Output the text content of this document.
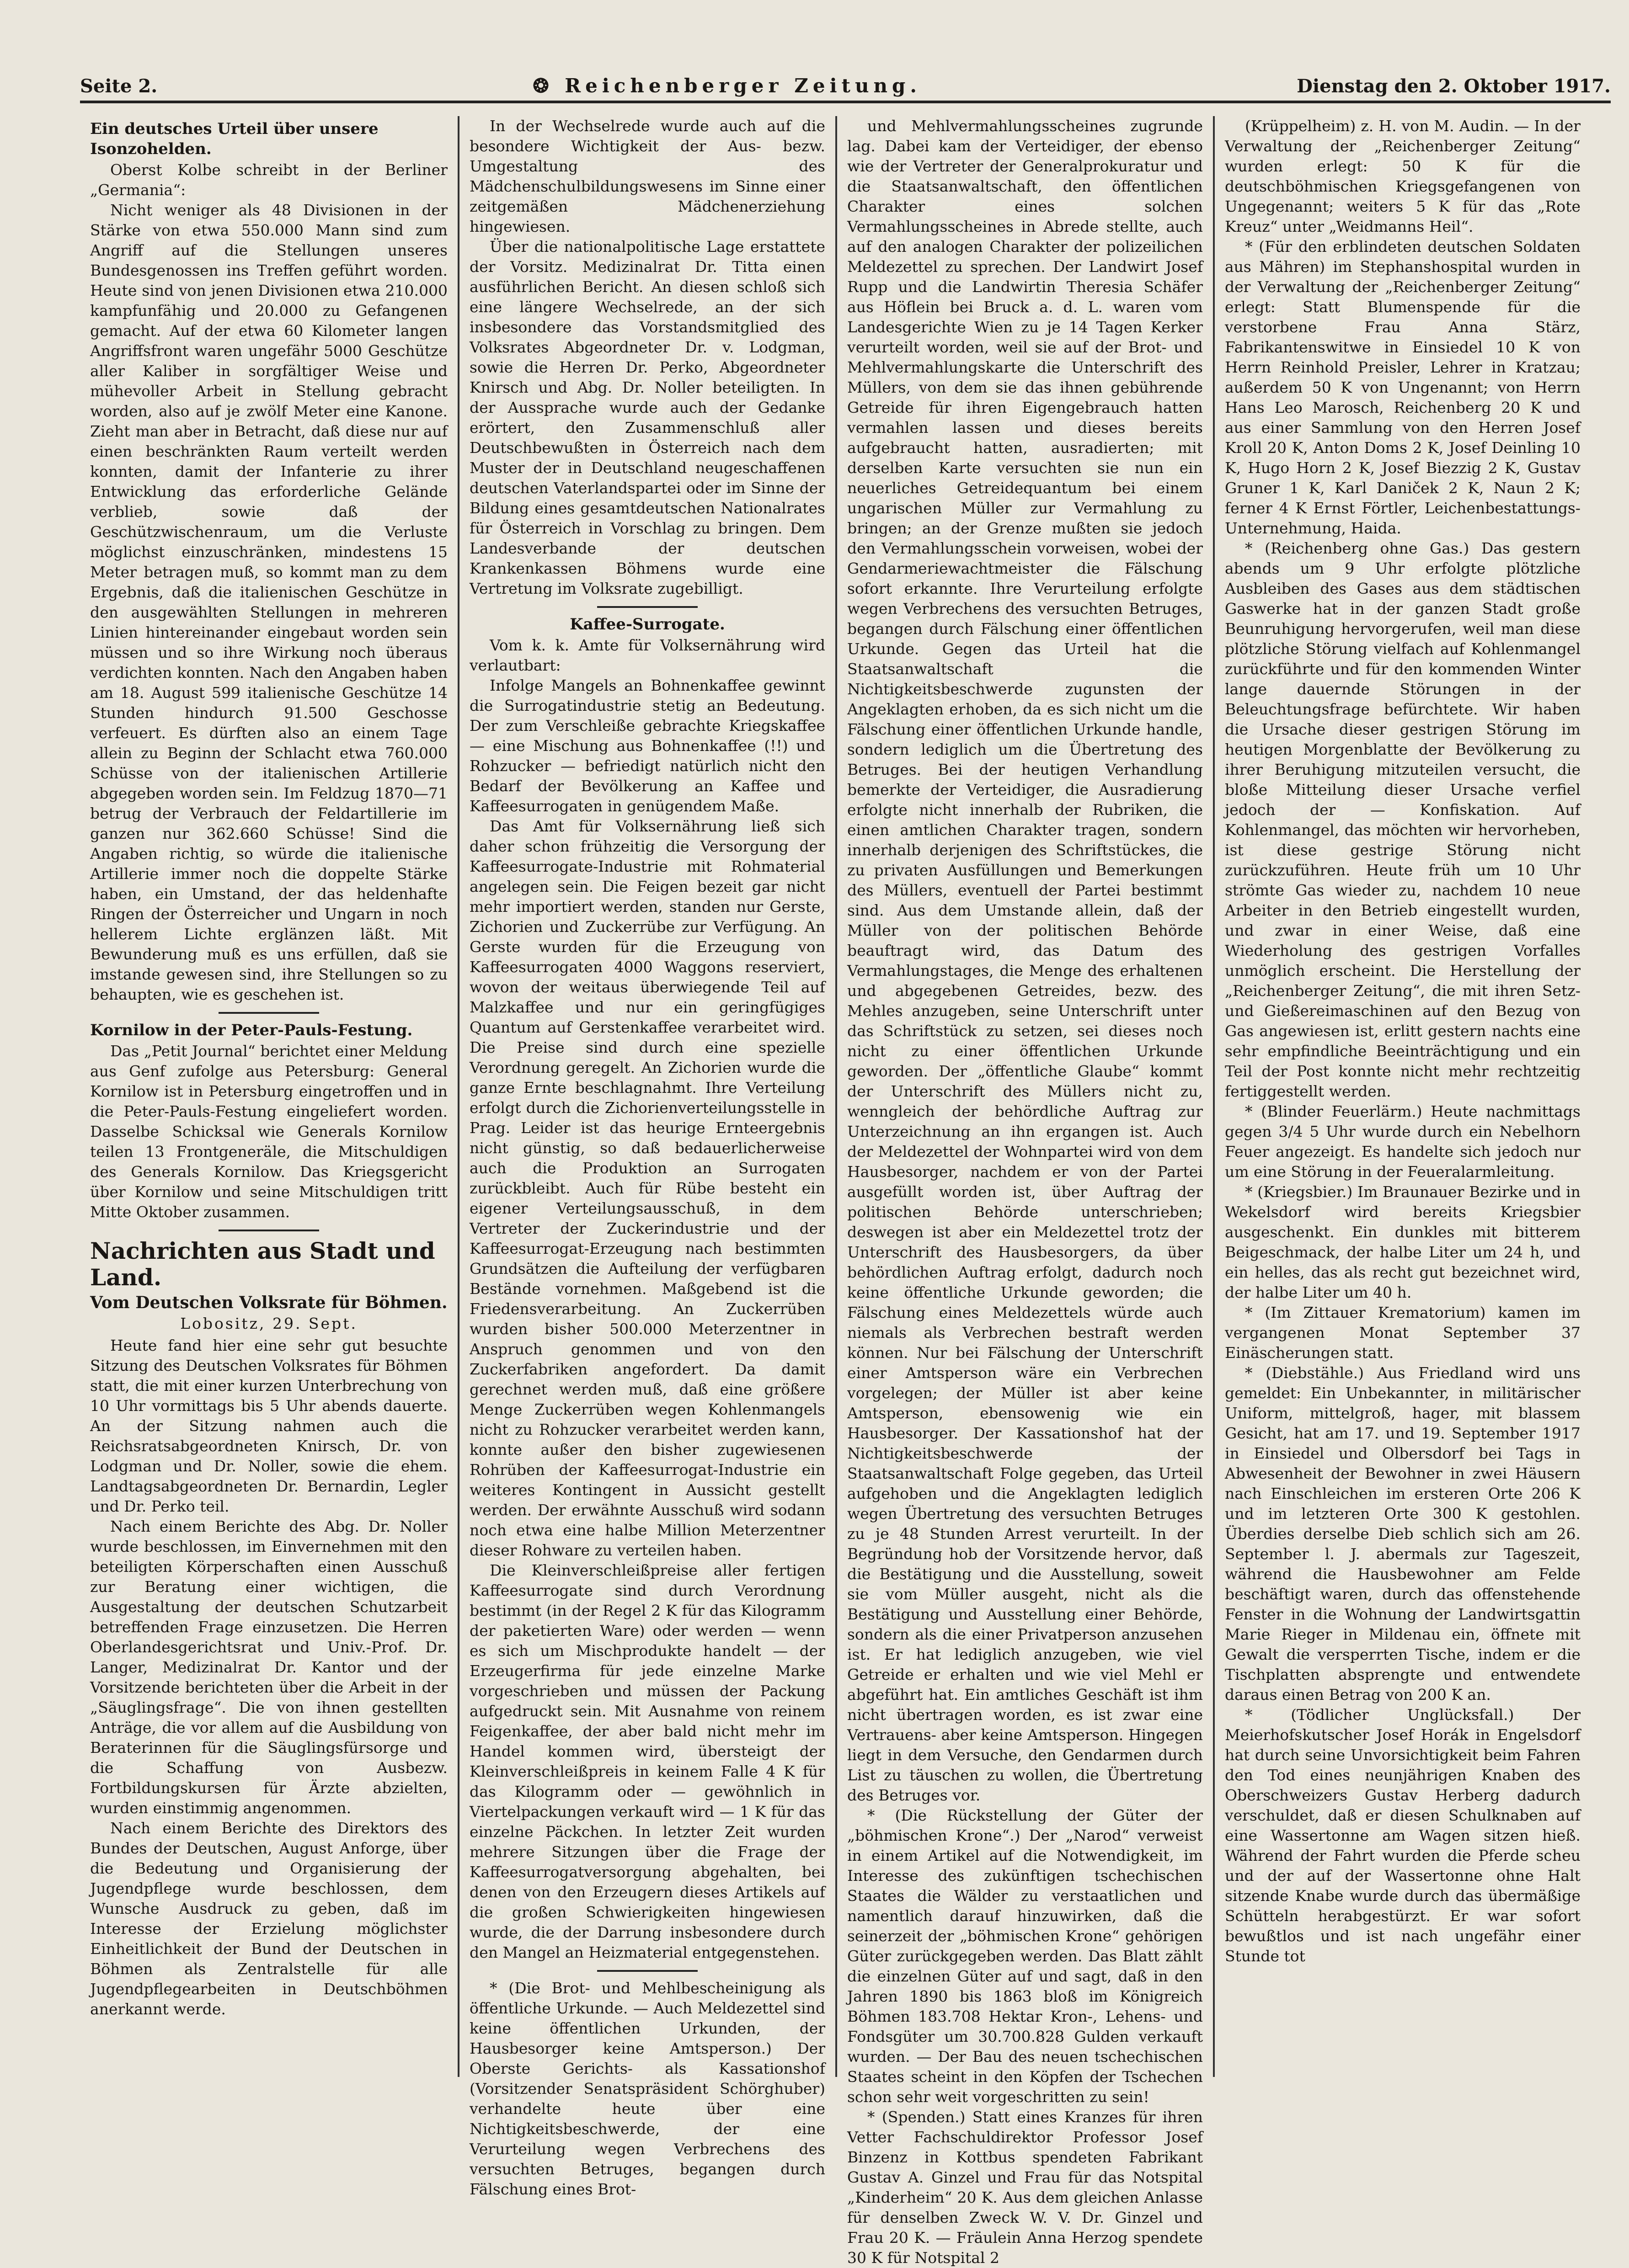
Seite 2.	❂ Reichenberger Zeitung.	Dienstag den 2. Oktober 1917.
Ein deutsches Urteil über unsere Isonzohelden.

Oberst Kolbe schreibt in der Berliner „Germania“:

Nicht weniger als 48 Divisionen in der Stärke von etwa 550.000 Mann sind zum Angriff auf die Stellungen unseres Bundesgenossen ins Treffen geführt worden. Heute sind von jenen Divisionen etwa 210.000 kampfunfähig und 20.000 zu Gefangenen gemacht. Auf der etwa 60 Kilometer langen Angriffsfront waren ungefähr 5000 Geschütze aller Kaliber in sorgfältiger Weise und mühevoller Arbeit in Stellung gebracht worden, also auf je zwölf Meter eine Kanone. Zieht man aber in Betracht, daß diese nur auf einen beschränkten Raum verteilt werden konnten, damit der Infanterie zu ihrer Entwicklung das erforderliche Gelände verblieb, sowie daß der Geschützwischenraum, um die Verluste möglichst einzuschränken, mindestens 15 Meter betragen muß, so kommt man zu dem Ergebnis, daß die italienischen Geschütze in den ausgewählten Stellungen in mehreren Linien hintereinander eingebaut worden sein müssen und so ihre Wirkung noch überaus verdichten konnten. Nach den Angaben haben am 18. August 599 italienische Geschütze 14 Stunden hindurch 91.500 Geschosse verfeuert. Es dürften also an einem Tage allein zu Beginn der Schlacht etwa 760.000 Schüsse von der italienischen Artillerie abgegeben worden sein. Im Feldzug 1870—71 betrug der Verbrauch der Feldartillerie im ganzen nur 362.660 Schüsse! Sind die Angaben richtig, so würde die italienische Artillerie immer noch die doppelte Stärke haben, ein Umstand, der das heldenhafte Ringen der Österreicher und Ungarn in noch hellerem Lichte erglänzen läßt. Mit Bewunderung muß es uns erfüllen, daß sie imstande gewesen sind, ihre Stellungen so zu behaupten, wie es geschehen ist.

Kornilow in der Peter-Pauls-Festung.

Das „Petit Journal“ berichtet einer Meldung aus Genf zufolge aus Petersburg: General Kornilow ist in Petersburg eingetroffen und in die Peter-Pauls-Festung eingeliefert worden. Dasselbe Schicksal wie Generals Kornilow teilen 13 Frontgeneräle, die Mitschuldigen des Generals Kornilow. Das Kriegsgericht über Kornilow und seine Mitschuldigen tritt Mitte Oktober zusammen.

Nachrichten aus Stadt und Land.
Vom Deutschen Volksrate für Böhmen.
Lobositz, 29. Sept.

Heute fand hier eine sehr gut besuchte Sitzung des Deutschen Volksrates für Böhmen statt, die mit einer kurzen Unterbrechung von 10 Uhr vormittags bis 5 Uhr abends dauerte. An der Sitzung nahmen auch die Reichsratsabgeordneten Knirsch, Dr. von Lodgman und Dr. Noller, sowie die ehem. Landtagsabgeordneten Dr. Bernardin, Legler und Dr. Perko teil.

Nach einem Berichte des Abg. Dr. Noller wurde beschlossen, im Einvernehmen mit den beteiligten Körperschaften einen Ausschuß zur Beratung einer wichtigen, die Ausgestaltung der deutschen Schutzarbeit betreffenden Frage einzusetzen. Die Herren Oberlandesgerichtsrat und Univ.-Prof. Dr. Langer, Medizinalrat Dr. Kantor und der Vorsitzende berichteten über die Arbeit in der „Säuglingsfrage“. Die von ihnen gestellten Anträge, die vor allem auf die Ausbildung von Beraterinnen für die Säuglingsfürsorge und die Schaffung von Ausbezw. Fortbildungskursen für Ärzte abzielten, wurden einstimmig angenommen.

Nach einem Berichte des Direktors des Bundes der Deutschen, August Anforge, über die Bedeutung und Organisierung der Jugendpflege wurde beschlossen, dem Wunsche Ausdruck zu geben, daß im Interesse der Erzielung möglichster Einheitlichkeit der Bund der Deutschen in Böhmen als Zentralstelle für alle Jugendpflegearbeiten in Deutschböhmen anerkannt werde.

In der Wechselrede wurde auch auf die besondere Wichtigkeit der Aus- bezw. Umgestaltung des Mädchenschulbildungswesens im Sinne einer zeitgemäßen Mädchenerziehung hingewiesen.

Über die nationalpolitische Lage erstattete der Vorsitz. Medizinalrat Dr. Titta einen ausführlichen Bericht. An diesen schloß sich eine längere Wechselrede, an der sich insbesondere das Vorstandsmitglied des Volksrates Abgeordneter Dr. v. Lodgman, sowie die Herren Dr. Perko, Abgeordneter Knirsch und Abg. Dr. Noller beteiligten. In der Aussprache wurde auch der Gedanke erörtert, den Zusammenschluß aller Deutschbewußten in Österreich nach dem Muster der in Deutschland neugeschaffenen deutschen Vaterlandspartei oder im Sinne der Bildung eines gesamtdeutschen Nationalrates für Österreich in Vorschlag zu bringen. Dem Landesverbande der deutschen Krankenkassen Böhmens wurde eine Vertretung im Volksrate zugebilligt.

Kaffee-Surrogate.

Vom k. k. Amte für Volksernährung wird verlautbart:

Infolge Mangels an Bohnenkaffee gewinnt die Surrogatindustrie stetig an Bedeutung. Der zum Verschleiße gebrachte Kriegskaffee — eine Mischung aus Bohnenkaffee (!!) und Rohzucker — befriedigt natürlich nicht den Bedarf der Bevölkerung an Kaffee und Kaffeesurrogaten in genügendem Maße.

Das Amt für Volksernährung ließ sich daher schon frühzeitig die Versorgung der Kaffeesurrogate-Industrie mit Rohmaterial angelegen sein. Die Feigen bezeit gar nicht mehr importiert werden, standen nur Gerste, Zichorien und Zuckerrübe zur Verfügung. An Gerste wurden für die Erzeugung von Kaffeesurrogaten 4000 Waggons reserviert, wovon der weitaus überwiegende Teil auf Malzkaffee und nur ein geringfügiges Quantum auf Gerstenkaffee verarbeitet wird. Die Preise sind durch eine spezielle Verordnung geregelt. An Zichorien wurde die ganze Ernte beschlagnahmt. Ihre Verteilung erfolgt durch die Zichorienverteilungsstelle in Prag. Leider ist das heurige Ernteergebnis nicht günstig, so daß bedauerlicherweise auch die Produktion an Surrogaten zurückbleibt. Auch für Rübe besteht ein eigener Verteilungsausschuß, in dem Vertreter der Zuckerindustrie und der Kaffeesurrogat-Erzeugung nach bestimmten Grundsätzen die Aufteilung der verfügbaren Bestände vornehmen. Maßgebend ist die Friedensverarbeitung. An Zuckerrüben wurden bisher 500.000 Meterzentner in Anspruch genommen und von den Zuckerfabriken angefordert. Da damit gerechnet werden muß, daß eine größere Menge Zuckerrüben wegen Kohlenmangels nicht zu Rohzucker verarbeitet werden kann, konnte außer den bisher zugewiesenen Rohrüben der Kaffeesurrogat-Industrie ein weiteres Kontingent in Aussicht gestellt werden. Der erwähnte Ausschuß wird sodann noch etwa eine halbe Million Meterzentner dieser Rohware zu verteilen haben.

Die Kleinverschleißpreise aller fertigen Kaffeesurrogate sind durch Verordnung bestimmt (in der Regel 2 K für das Kilogramm der paketierten Ware) oder werden — wenn es sich um Mischprodukte handelt — der Erzeugerfirma für jede einzelne Marke vorgeschrieben und müssen der Packung aufgedruckt sein. Mit Ausnahme von reinem Feigenkaffee, der aber bald nicht mehr im Handel kommen wird, übersteigt der Kleinverschleißpreis in keinem Falle 4 K für das Kilogramm oder — gewöhnlich in Viertelpackungen verkauft wird — 1 K für das einzelne Päckchen. In letzter Zeit wurden mehrere Sitzungen über die Frage der Kaffeesurrogatversorgung abgehalten, bei denen von den Erzeugern dieses Artikels auf die großen Schwierigkeiten hingewiesen wurde, die der Darrung insbesondere durch den Mangel an Heizmaterial entgegenstehen.

* (Die Brot- und Mehlbescheinigung als öffentliche Urkunde. — Auch Meldezettel sind keine öffentlichen Urkunden, der Hausbesorger keine Amtsperson.) Der Oberste Gerichts- als Kassationshof (Vorsitzender Senatspräsident Schörghuber) verhandelte heute über eine Nichtigkeitsbeschwerde, der eine Verurteilung wegen Verbrechens des versuchten Betruges, begangen durch Fälschung eines Brot-

und Mehlvermahlungsscheines zugrunde lag. Dabei kam der Verteidiger, der ebenso wie der Vertreter der Generalprokuratur und die Staatsanwaltschaft, den öffentlichen Charakter eines solchen Vermahlungsscheines in Abrede stellte, auch auf den analogen Charakter der polizeilichen Meldezettel zu sprechen. Der Landwirt Josef Rupp und die Landwirtin Theresia Schäfer aus Höflein bei Bruck a. d. L. waren vom Landesgerichte Wien zu je 14 Tagen Kerker verurteilt worden, weil sie auf der Brot- und Mehlvermahlungskarte die Unterschrift des Müllers, von dem sie das ihnen gebührende Getreide für ihren Eigengebrauch hatten vermahlen lassen und dieses bereits aufgebraucht hatten, ausradierten; mit derselben Karte versuchten sie nun ein neuerliches Getreidequantum bei einem ungarischen Müller zur Vermahlung zu bringen; an der Grenze mußten sie jedoch den Vermahlungsschein vorweisen, wobei der Gendarmeriewachtmeister die Fälschung sofort erkannte. Ihre Verurteilung erfolgte wegen Verbrechens des versuchten Betruges, begangen durch Fälschung einer öffentlichen Urkunde. Gegen das Urteil hat die Staatsanwaltschaft die Nichtigkeitsbeschwerde zugunsten der Angeklagten erhoben, da es sich nicht um die Fälschung einer öffentlichen Urkunde handle, sondern lediglich um die Übertretung des Betruges. Bei der heutigen Verhandlung bemerkte der Verteidiger, die Ausradierung erfolgte nicht innerhalb der Rubriken, die einen amtlichen Charakter tragen, sondern innerhalb derjenigen des Schriftstückes, die zu privaten Ausfüllungen und Bemerkungen des Müllers, eventuell der Partei bestimmt sind. Aus dem Umstande allein, daß der Müller von der politischen Behörde beauftragt wird, das Datum des Vermahlungstages, die Menge des erhaltenen und abgegebenen Getreides, bezw. des Mehles anzugeben, seine Unterschrift unter das Schriftstück zu setzen, sei dieses noch nicht zu einer öffentlichen Urkunde geworden. Der „öffentliche Glaube“ kommt der Unterschrift des Müllers nicht zu, wenngleich der behördliche Auftrag zur Unterzeichnung an ihn ergangen ist. Auch der Meldezettel der Wohnpartei wird von dem Hausbesorger, nachdem er von der Partei ausgefüllt worden ist, über Auftrag der politischen Behörde unterschrieben; deswegen ist aber ein Meldezettel trotz der Unterschrift des Hausbesorgers, da über behördlichen Auftrag erfolgt, dadurch noch keine öffentliche Urkunde geworden; die Fälschung eines Meldezettels würde auch niemals als Verbrechen bestraft werden können. Nur bei Fälschung der Unterschrift einer Amtsperson wäre ein Verbrechen vorgelegen; der Müller ist aber keine Amtsperson, ebensowenig wie ein Hausbesorger. Der Kassationshof hat der Nichtigkeitsbeschwerde der Staatsanwaltschaft Folge gegeben, das Urteil aufgehoben und die Angeklagten lediglich wegen Übertretung des versuchten Betruges zu je 48 Stunden Arrest verurteilt. In der Begründung hob der Vorsitzende hervor, daß die Bestätigung und die Ausstellung, soweit sie vom Müller ausgeht, nicht als die Bestätigung und Ausstellung einer Behörde, sondern als die einer Privatperson anzusehen ist. Er hat lediglich anzugeben, wie viel Getreide er erhalten und wie viel Mehl er abgeführt hat. Ein amtliches Geschäft ist ihm nicht übertragen worden, es ist zwar eine Vertrauens- aber keine Amtsperson. Hingegen liegt in dem Versuche, den Gendarmen durch List zu täuschen zu wollen, die Übertretung des Betruges vor.

* (Die Rückstellung der Güter der „böhmischen Krone“.) Der „Narod“ verweist in einem Artikel auf die Notwendigkeit, im Interesse des zukünftigen tschechischen Staates die Wälder zu verstaatlichen und namentlich darauf hinzuwirken, daß die seinerzeit der „böhmischen Krone“ gehörigen Güter zurückgegeben werden. Das Blatt zählt die einzelnen Güter auf und sagt, daß in den Jahren 1890 bis 1863 bloß im Königreich Böhmen 183.708 Hektar Kron-, Lehens- und Fondsgüter um 30.700.828 Gulden verkauft wurden. — Der Bau des neuen tschechischen Staates scheint in den Köpfen der Tschechen schon sehr weit vorgeschritten zu sein!

* (Spenden.) Statt eines Kranzes für ihren Vetter Fachschuldirektor Professor Josef Binzenz in Kottbus spendeten Fabrikant Gustav A. Ginzel und Frau für das Notspital „Kinderheim“ 20 K. Aus dem gleichen Anlasse für denselben Zweck W. V. Dr. Ginzel und Frau 20 K. — Fräulein Anna Herzog spendete 30 K für Notspital 2

(Krüppelheim) z. H. von M. Audin. — In der Verwaltung der „Reichenberger Zeitung“ wurden erlegt: 50 K für die deutschböhmischen Kriegsgefangenen von Ungegenannt; weiters 5 K für das „Rote Kreuz“ unter „Weidmanns Heil“.

* (Für den erblindeten deutschen Soldaten aus Mähren) im Stephanshospital wurden in der Verwaltung der „Reichenberger Zeitung“ erlegt: Statt Blumenspende für die verstorbene Frau Anna Stärz, Fabrikantenswitwe in Einsiedel 10 K von Herrn Reinhold Preisler, Lehrer in Kratzau; außerdem 50 K von Ungenannt; von Herrn Hans Leo Marosch, Reichenberg 20 K und aus einer Sammlung von den Herren Josef Kroll 20 K, Anton Doms 2 K, Josef Deinling 10 K, Hugo Horn 2 K, Josef Biezzig 2 K, Gustav Gruner 1 K, Karl Daniček 2 K, Naun 2 K; ferner 4 K Ernst Förtler, Leichenbestattungs-Unternehmung, Haida.

* (Reichenberg ohne Gas.) Das gestern abends um 9 Uhr erfolgte plötzliche Ausbleiben des Gases aus dem städtischen Gaswerke hat in der ganzen Stadt große Beunruhigung hervorgerufen, weil man diese plötzliche Störung vielfach auf Kohlenmangel zurückführte und für den kommenden Winter lange dauernde Störungen in der Beleuchtungsfrage befürchtete. Wir haben die Ursache dieser gestrigen Störung im heutigen Morgenblatte der Bevölkerung zu ihrer Beruhigung mitzuteilen versucht, die bloße Mitteilung dieser Ursache verfiel jedoch der — Konfiskation. Auf Kohlenmangel, das möchten wir hervorheben, ist diese gestrige Störung nicht zurückzuführen. Heute früh um 10 Uhr strömte Gas wieder zu, nachdem 10 neue Arbeiter in den Betrieb eingestellt wurden, und zwar in einer Weise, daß eine Wiederholung des gestrigen Vorfalles unmöglich erscheint. Die Herstellung der „Reichenberger Zeitung“, die mit ihren Setz- und Gießereimaschinen auf den Bezug von Gas angewiesen ist, erlitt gestern nachts eine sehr empfindliche Beeinträchtigung und ein Teil der Post konnte nicht mehr rechtzeitig fertiggestellt werden.

* (Blinder Feuerlärm.) Heute nachmittags gegen 3/4 5 Uhr wurde durch ein Nebelhorn Feuer angezeigt. Es handelte sich jedoch nur um eine Störung in der Feueralarmleitung.

* (Kriegsbier.) Im Braunauer Bezirke und in Wekelsdorf wird bereits Kriegsbier ausgeschenkt. Ein dunkles mit bitterem Beigeschmack, der halbe Liter um 24 h, und ein helles, das als recht gut bezeichnet wird, der halbe Liter um 40 h.

* (Im Zittauer Krematorium) kamen im vergangenen Monat September 37 Einäscherungen statt.

* (Diebstähle.) Aus Friedland wird uns gemeldet: Ein Unbekannter, in militärischer Uniform, mittelgroß, hager, mit blassem Gesicht, hat am 17. und 19. September 1917 in Einsiedel und Olbersdorf bei Tags in Abwesenheit der Bewohner in zwei Häusern nach Einschleichen im ersteren Orte 206 K und im letzteren Orte 300 K gestohlen. Überdies derselbe Dieb schlich sich am 26. September l. J. abermals zur Tageszeit, während die Hausbewohner am Felde beschäftigt waren, durch das offenstehende Fenster in die Wohnung der Landwirtsgattin Marie Rieger in Mildenau ein, öffnete mit Gewalt die versperrten Tische, indem er die Tischplatten absprengte und entwendete daraus einen Betrag von 200 K an.

* (Tödlicher Unglücksfall.) Der Meierhofskutscher Josef Horák in Engelsdorf hat durch seine Unvorsichtigkeit beim Fahren den Tod eines neunjährigen Knaben des Oberschweizers Gustav Herberg dadurch verschuldet, daß er diesen Schulknaben auf eine Wassertonne am Wagen sitzen hieß. Während der Fahrt wurden die Pferde scheu und der auf der Wassertonne ohne Halt sitzende Knabe wurde durch das übermäßige Schütteln herabgestürzt. Er war sofort bewußtlos und ist nach ungefähr einer Stunde tot
